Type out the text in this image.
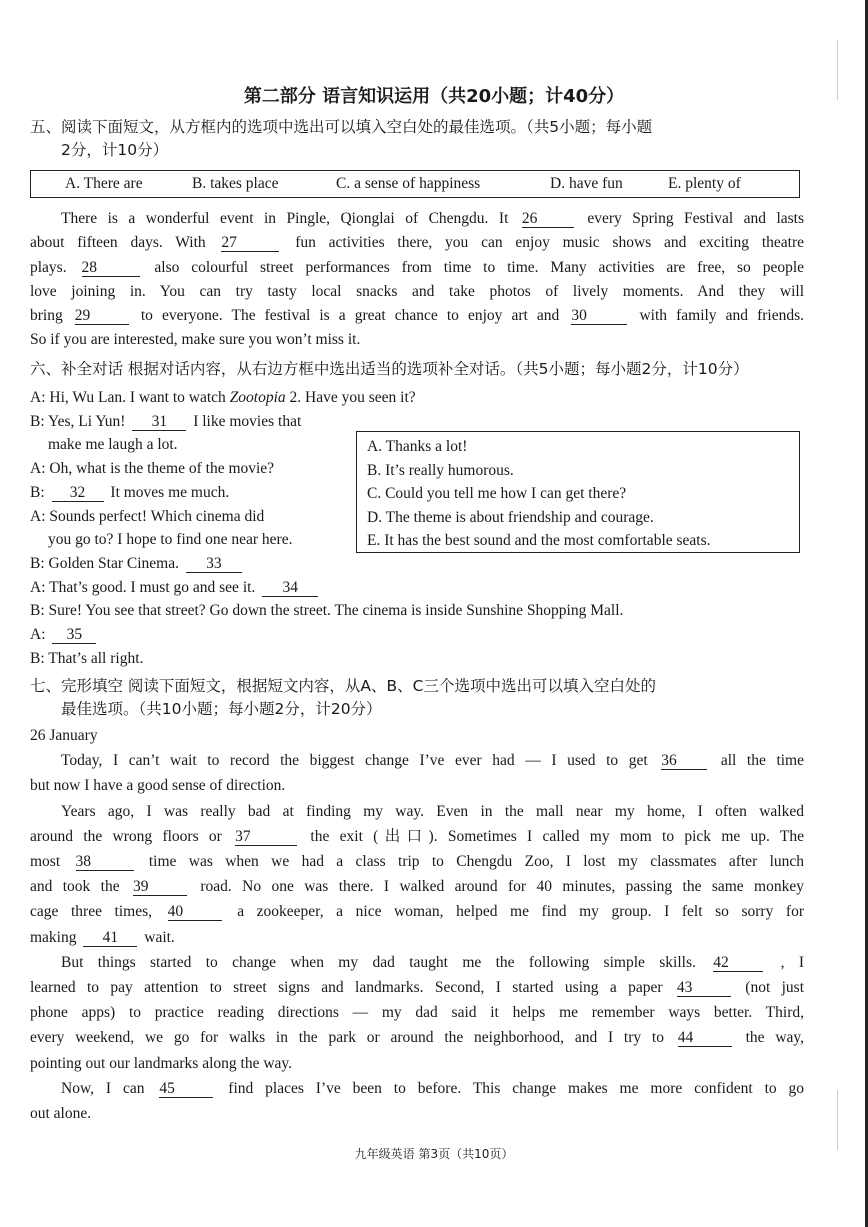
第二部分 语言知识运用（共20小题；计40分）
五、阅读下面短文，从方框内的选项中选出可以填入空白处的最佳选项。（共5小题；每小题
2分，计10分）
A. There are	B. takes place	C. a sense of happiness	D. have fun	E. plenty of
There is a wonderful event in Pingle, Qionglai of Chengdu. It 26	every Spring Festival and lasts
about fifteen days. With 27	fun activities there, you can enjoy music shows and exciting theatre
plays. 28	also colourful street performances from time to time. Many activities are free, so people
love joining in. You can try tasty local snacks and take photos of lively moments. And they will
bring 29	to everyone. The festival is a great chance to enjoy art and 30	with family and friends.
So if you are interested, make sure you won’t miss it.
六、补全对话 根据对话内容，从右边方框中选出适当的选项补全对话。（共5小题；每小题2分，计10分）
A: Hi, Wu Lan. I want to watch Zootopia 2. Have you seen it?
B: Yes, Li Yun! 31 I like movies that
make me laugh a lot.
A: Oh, what is the theme of the movie?
B: 32 It moves me much.
A: Sounds perfect! Which cinema did
you go to? I hope to find one near here.
B: Golden Star Cinema. 33
A: That’s good. I must go and see it. 34
B: Sure! You see that street? Go down the street. The cinema is inside Sunshine Shopping Mall.
A: 35
B: That’s all right.
A. Thanks a lot!
B. It’s really humorous.
C. Could you tell me how I can get there?
D. The theme is about friendship and courage.
E. It has the best sound and the most comfortable seats.
七、完形填空 阅读下面短文，根据短文内容，从A、B、C三个选项中选出可以填入空白处的
最佳选项。（共10小题；每小题2分，计20分）
26 January
Today, I can’t wait to record the biggest change I’ve ever had — I used to get 36	all the time
but now I have a good sense of direction.
Years ago, I was really bad at finding my way. Even in the mall near my home, I often walked
around the wrong floors or 37	the exit (出口). Sometimes I called my mom to pick me up. The
most 38	time was when we had a class trip to Chengdu Zoo, I lost my classmates after lunch
and took the 39	road. No one was there. I walked around for 40 minutes, passing the same monkey
cage three times, 40	a zookeeper, a nice woman, helped me find my group. I felt so sorry for
making 41 wait.
But things started to change when my dad taught me the following simple skills. 42	, I
learned to pay attention to street signs and landmarks. Second, I started using a paper 43	(not just
phone apps) to practice reading directions — my dad said it helps me remember ways better. Third,
every weekend, we go for walks in the park or around the neighborhood, and I try to 44	the way,
pointing out our landmarks along the way.
Now, I can 45	find places I’ve been to before. This change makes me more confident to go
out alone.
九年级英语 第3页（共10页）
